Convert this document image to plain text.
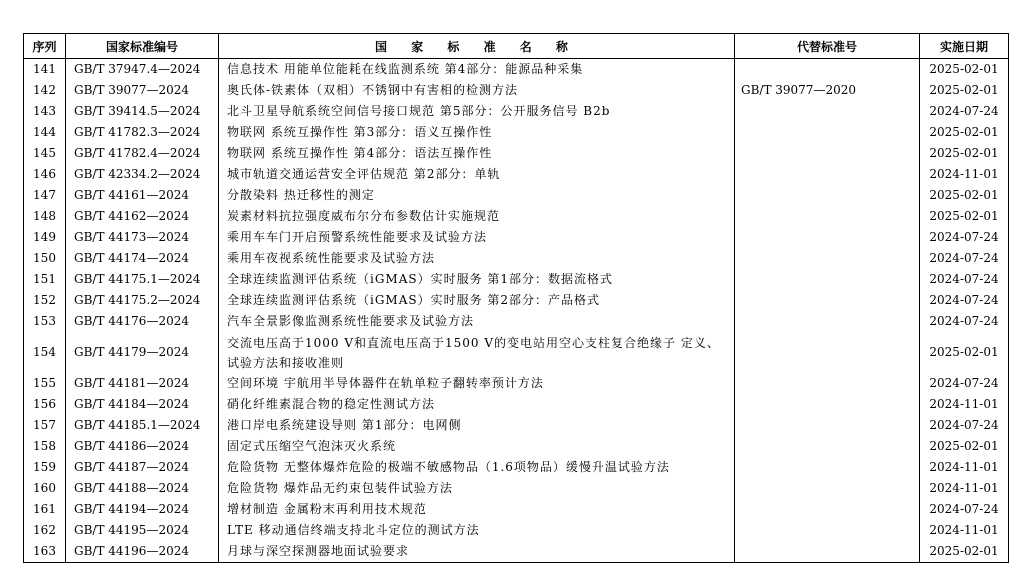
序列	国家标准编号	国 家 标 准 名 称	代替标准号	实施日期
141	GB/T 37947.4—2024	信息技术 用能单位能耗在线监测系统 第4部分：能源品种采集		2025-02-01
142	GB/T 39077—2024	奥氏体-铁素体（双相）不锈钢中有害相的检测方法	GB/T 39077—2020	2025-02-01
143	GB/T 39414.5—2024	北斗卫星导航系统空间信号接口规范 第5部分：公开服务信号 B2b		2024-07-24
144	GB/T 41782.3—2024	物联网 系统互操作性 第3部分：语义互操作性		2025-02-01
145	GB/T 41782.4—2024	物联网 系统互操作性 第4部分：语法互操作性		2025-02-01
146	GB/T 42334.2—2024	城市轨道交通运营安全评估规范 第2部分：单轨		2024-11-01
147	GB/T 44161—2024	分散染料 热迁移性的测定		2025-02-01
148	GB/T 44162—2024	炭素材料抗拉强度威布尔分布参数估计实施规范		2025-02-01
149	GB/T 44173—2024	乘用车车门开启预警系统性能要求及试验方法		2024-07-24
150	GB/T 44174—2024	乘用车夜视系统性能要求及试验方法		2024-07-24
151	GB/T 44175.1—2024	全球连续监测评估系统（iGMAS）实时服务 第1部分：数据流格式		2024-07-24
152	GB/T 44175.2—2024	全球连续监测评估系统（iGMAS）实时服务 第2部分：产品格式		2024-07-24
153	GB/T 44176—2024	汽车全景影像监测系统性能要求及试验方法		2024-07-24
154	GB/T 44179—2024	交流电压高于1000 V和直流电压高于1500 V的变电站用空心支柱复合绝缘子 定义、试验方法和接收准则		2025-02-01
155	GB/T 44181—2024	空间环境 宇航用半导体器件在轨单粒子翻转率预计方法		2024-07-24
156	GB/T 44184—2024	硝化纤维素混合物的稳定性测试方法		2024-11-01
157	GB/T 44185.1—2024	港口岸电系统建设导则 第1部分：电网侧		2024-07-24
158	GB/T 44186—2024	固定式压缩空气泡沫灭火系统		2025-02-01
159	GB/T 44187—2024	危险货物 无整体爆炸危险的极端不敏感物品（1.6项物品）缓慢升温试验方法		2024-11-01
160	GB/T 44188—2024	危险货物 爆炸品无约束包装件试验方法		2024-11-01
161	GB/T 44194—2024	增材制造 金属粉末再利用技术规范		2024-07-24
162	GB/T 44195—2024	LTE 移动通信终端支持北斗定位的测试方法		2024-11-01
163	GB/T 44196—2024	月球与深空探测器地面试验要求		2025-02-01
